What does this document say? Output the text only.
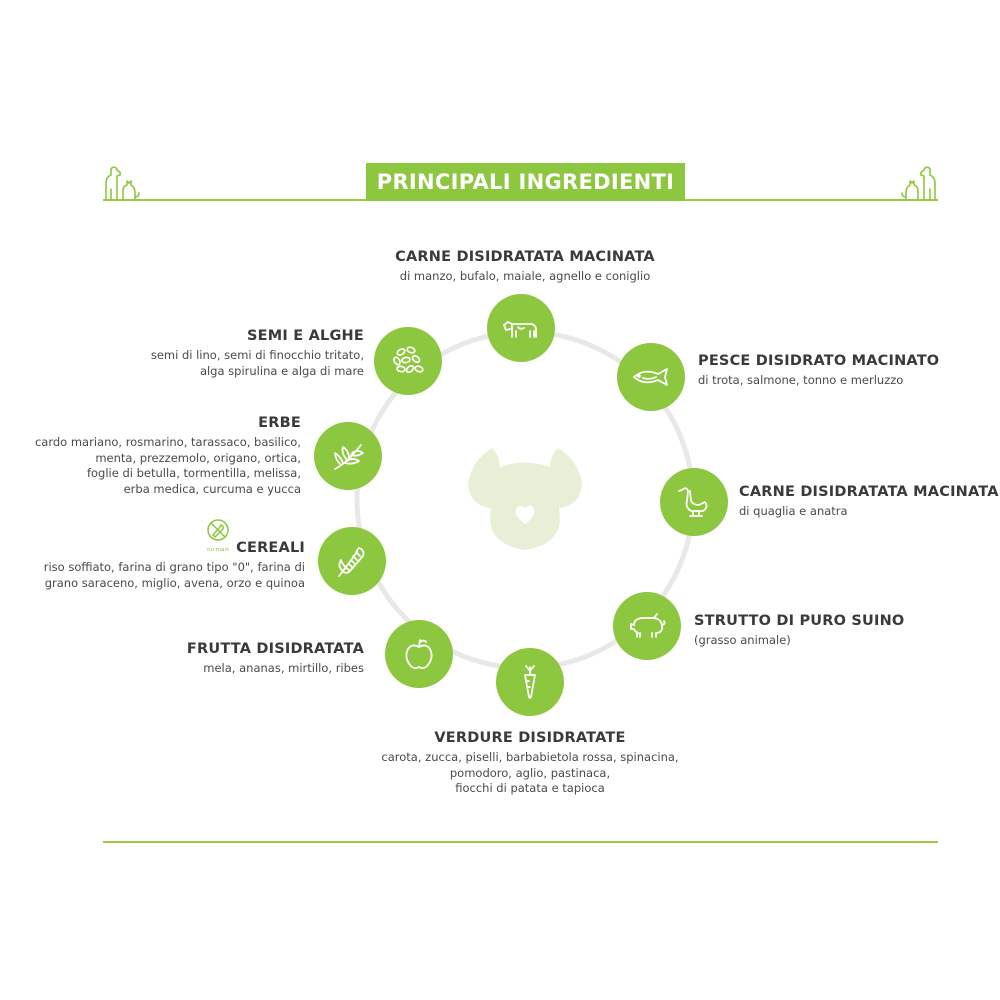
PRINCIPALI INGREDIENTI
no mais
CARNE DISIDRATATA MACINATA
di manzo, bufalo, maiale, agnello e coniglio
PESCE DISIDRATO MACINATO
di trota, salmone, tonno e merluzzo
CARNE DISIDRATATA MACINATA
di quaglia e anatra
STRUTTO DI PURO SUINO
(grasso animale)
VERDURE DISIDRATATE
carota, zucca, piselli, barbabietola rossa, spinacina,
pomodoro, aglio, pastinaca,
fiocchi di patata e tapioca
FRUTTA DISIDRATATA
mela, ananas, mirtillo, ribes
CEREALI
riso soffiato, farina di grano tipo "0", farina di
grano saraceno, miglio, avena, orzo e quinoa
ERBE
cardo mariano, rosmarino, tarassaco, basilico,
menta, prezzemolo, origano, ortica,
foglie di betulla, tormentilla, melissa,
erba medica, curcuma e yucca
SEMI E ALGHE
semi di lino, semi di finocchio tritato,
alga spirulina e alga di mare
